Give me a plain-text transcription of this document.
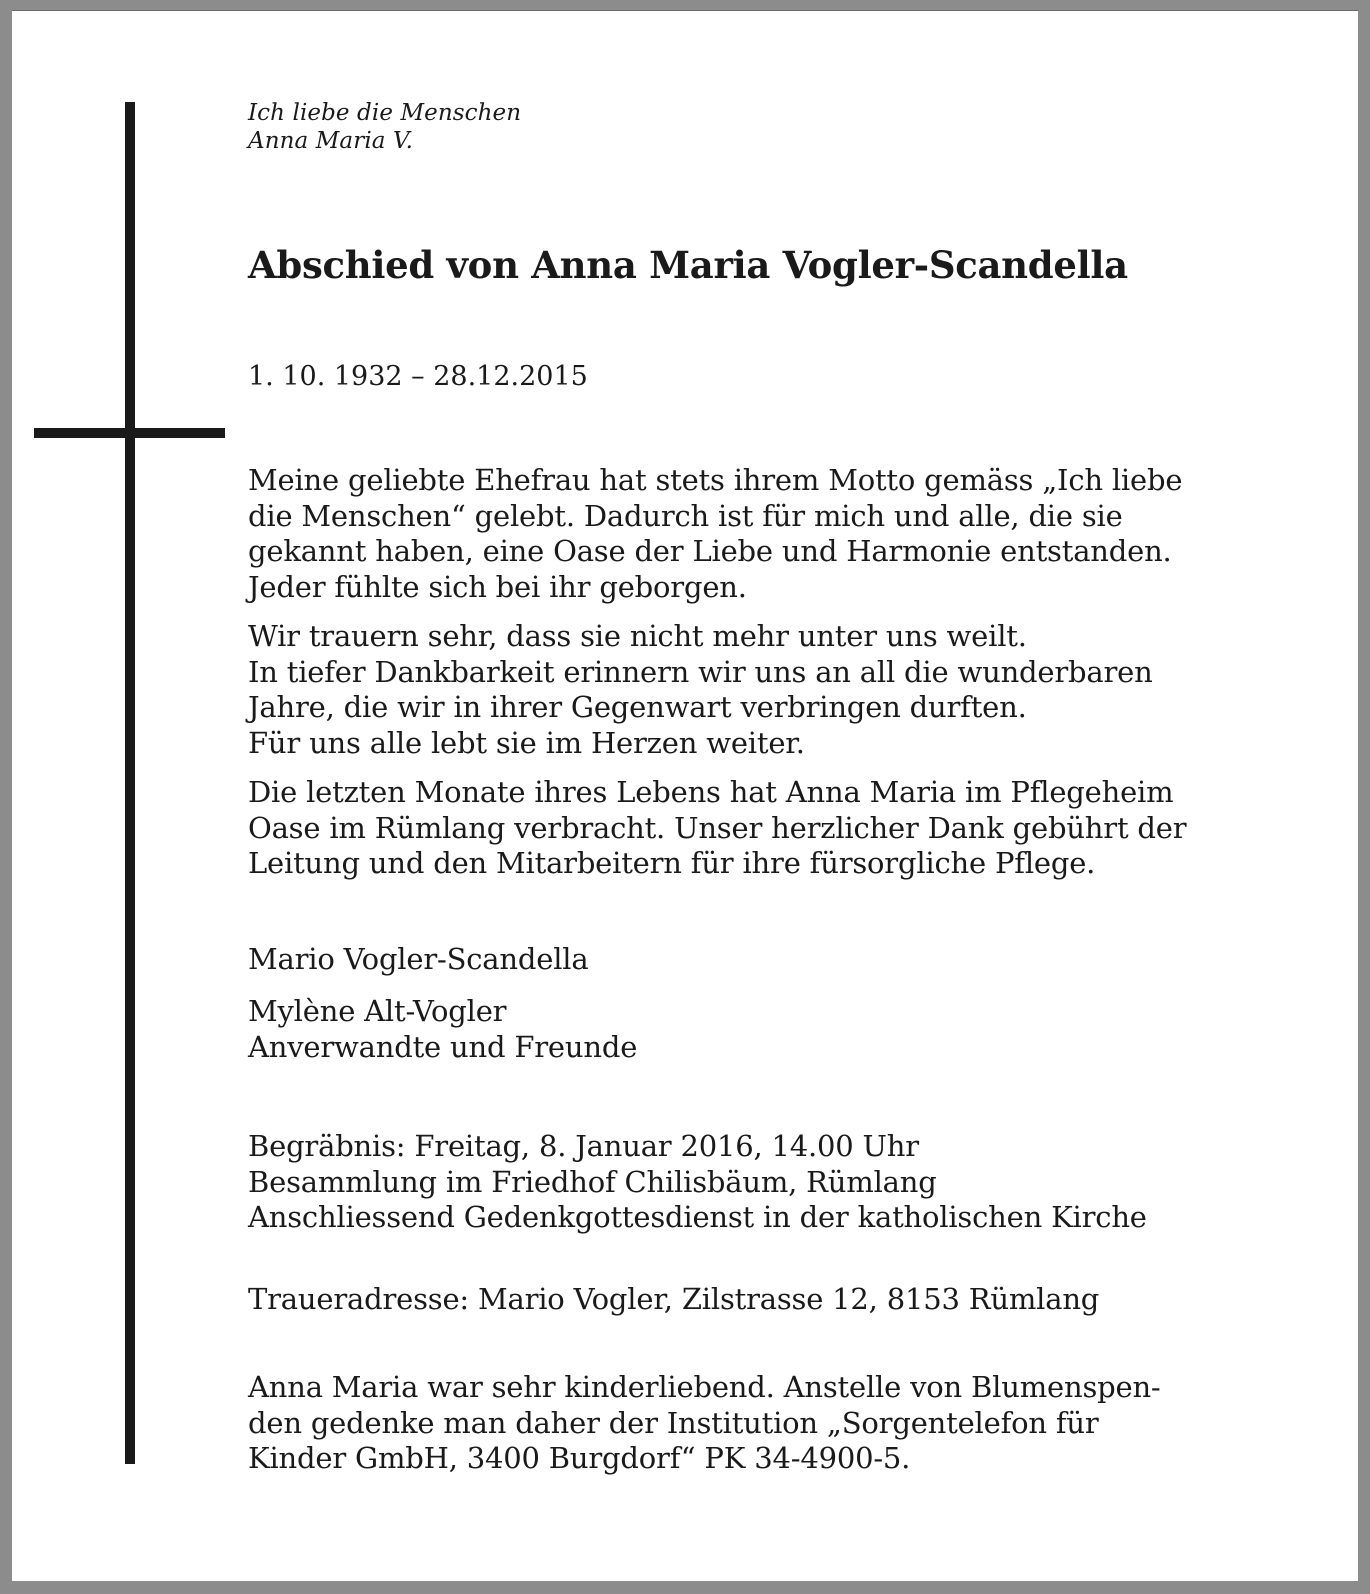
Ich liebe die Menschen
Anna Maria V.
Abschied von Anna Maria Vogler-Scandella
1. 10. 1932 – 28.12.2015
Meine geliebte Ehefrau hat stets ihrem Motto gemäss „Ich liebe
die Menschen“ gelebt. Dadurch ist für mich und alle, die sie
gekannt haben, eine Oase der Liebe und Harmonie entstanden.
Jeder fühlte sich bei ihr geborgen.
Wir trauern sehr, dass sie nicht mehr unter uns weilt.
In tiefer Dankbarkeit erinnern wir uns an all die wunderbaren
Jahre, die wir in ihrer Gegenwart verbringen durften.
Für uns alle lebt sie im Herzen weiter.
Die letzten Monate ihres Lebens hat Anna Maria im Pflegeheim
Oase im Rümlang verbracht. Unser herzlicher Dank gebührt der
Leitung und den Mitarbeitern für ihre fürsorgliche Pflege.
Mario Vogler-Scandella
Mylène Alt-Vogler
Anverwandte und Freunde
Begräbnis: Freitag, 8. Januar 2016, 14.00 Uhr
Besammlung im Friedhof Chilisbäum, Rümlang
Anschliessend Gedenkgottesdienst in der katholischen Kirche
Traueradresse: Mario Vogler, Zilstrasse 12, 8153 Rümlang
Anna Maria war sehr kinderliebend. Anstelle von Blumenspen-
den gedenke man daher der Institution „Sorgentelefon für
Kinder GmbH, 3400 Burgdorf“ PK 34-4900-5.
